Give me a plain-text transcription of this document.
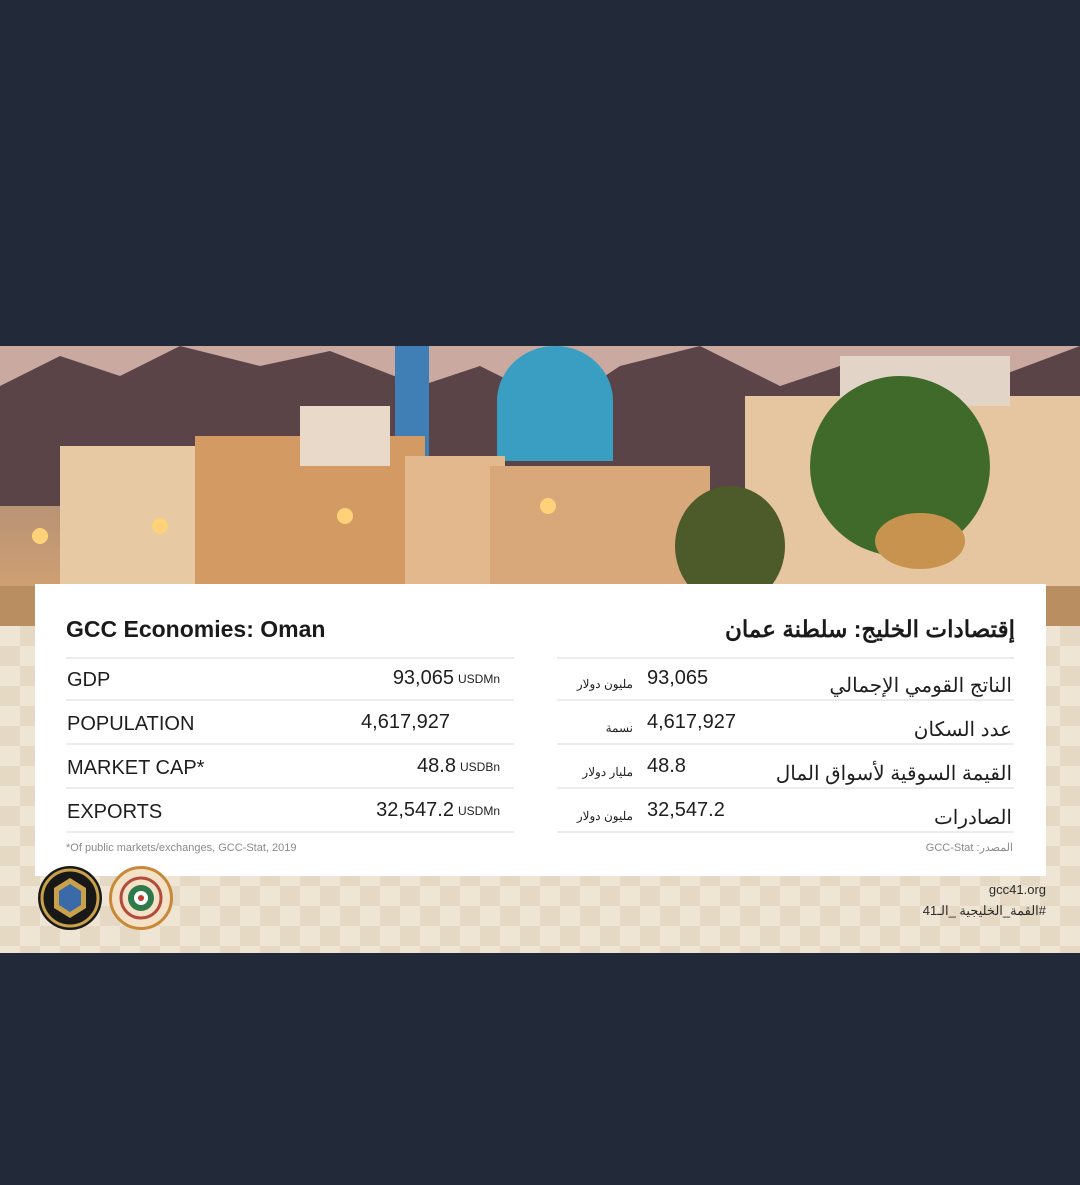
GCC Economies: Oman	إقتصادات الخليج: سلطنة عمان
GDP	93,065 USDMn
POPULATION	4,617,927
MARKET CAP*	48.8 USDBn
EXPORTS	32,547.2 USDMn
مليون دولار 93,065	الناتج القومي الإجمالي
نسمة 4,617,927	عدد السكان
مليار دولار 48.8	القيمة السوقية لأسواق المال
مليون دولار 32,547.2	الصادرات
*Of public markets/exchanges, GCC-Stat, 2019	المصدر: GCC-Stat
gcc41.org
#القمة_الخليجية _الـ41
